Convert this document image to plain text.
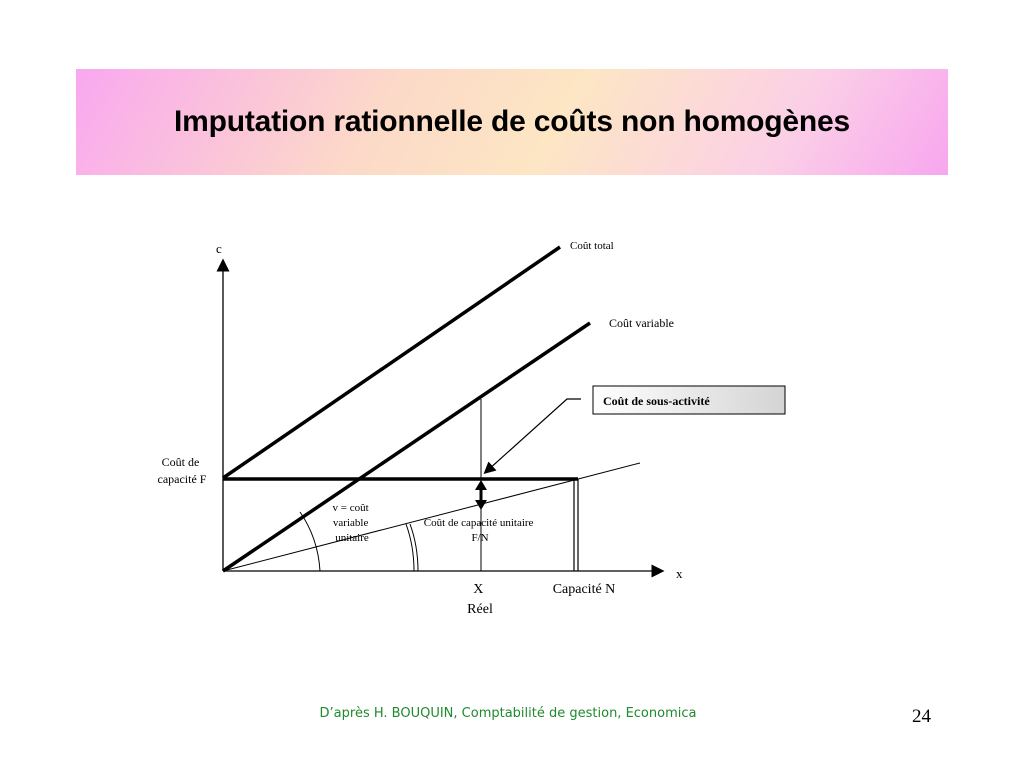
Imputation rationnelle de coûts non homogènes
c
x
Coût total
Coût variable
Coût de capacité F
X Réel
Capacité N
Coût de sous-activité
v = coût variable unitaire
Coût de capacité unitaire F/N
D’après H. BOUQUIN, Comptabilité de gestion, Economica	24
